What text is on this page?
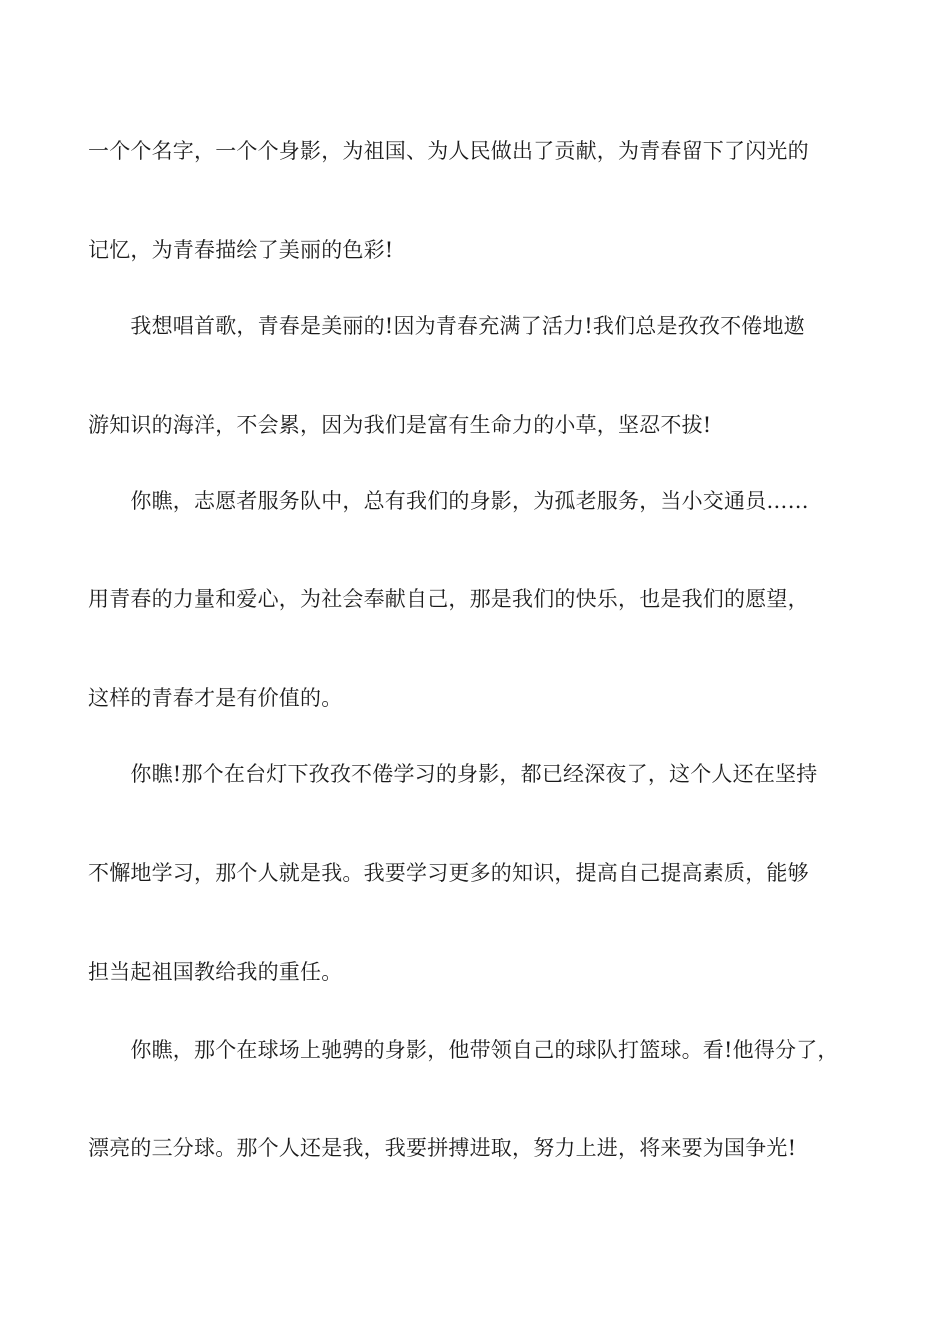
一个个名字，一个个身影，为祖国、为人民做出了贡献，为青春留下了闪光的
记忆，为青春描绘了美丽的色彩!
　　我想唱首歌，青春是美丽的!因为青春充满了活力!我们总是孜孜不倦地遨
游知识的海洋，不会累，因为我们是富有生命力的小草，坚忍不拔!
　　你瞧，志愿者服务队中，总有我们的身影，为孤老服务，当小交通员……
用青春的力量和爱心，为社会奉献自己，那是我们的快乐，也是我们的愿望，
这样的青春才是有价值的。
　　你瞧!那个在台灯下孜孜不倦学习的身影，都已经深夜了，这个人还在坚持
不懈地学习，那个人就是我。我要学习更多的知识，提高自己提高素质，能够
担当起祖国教给我的重任。
　　你瞧，那个在球场上驰骋的身影，他带领自己的球队打篮球。看!他得分了，
漂亮的三分球。那个人还是我，我要拼搏进取，努力上进，将来要为国争光!
